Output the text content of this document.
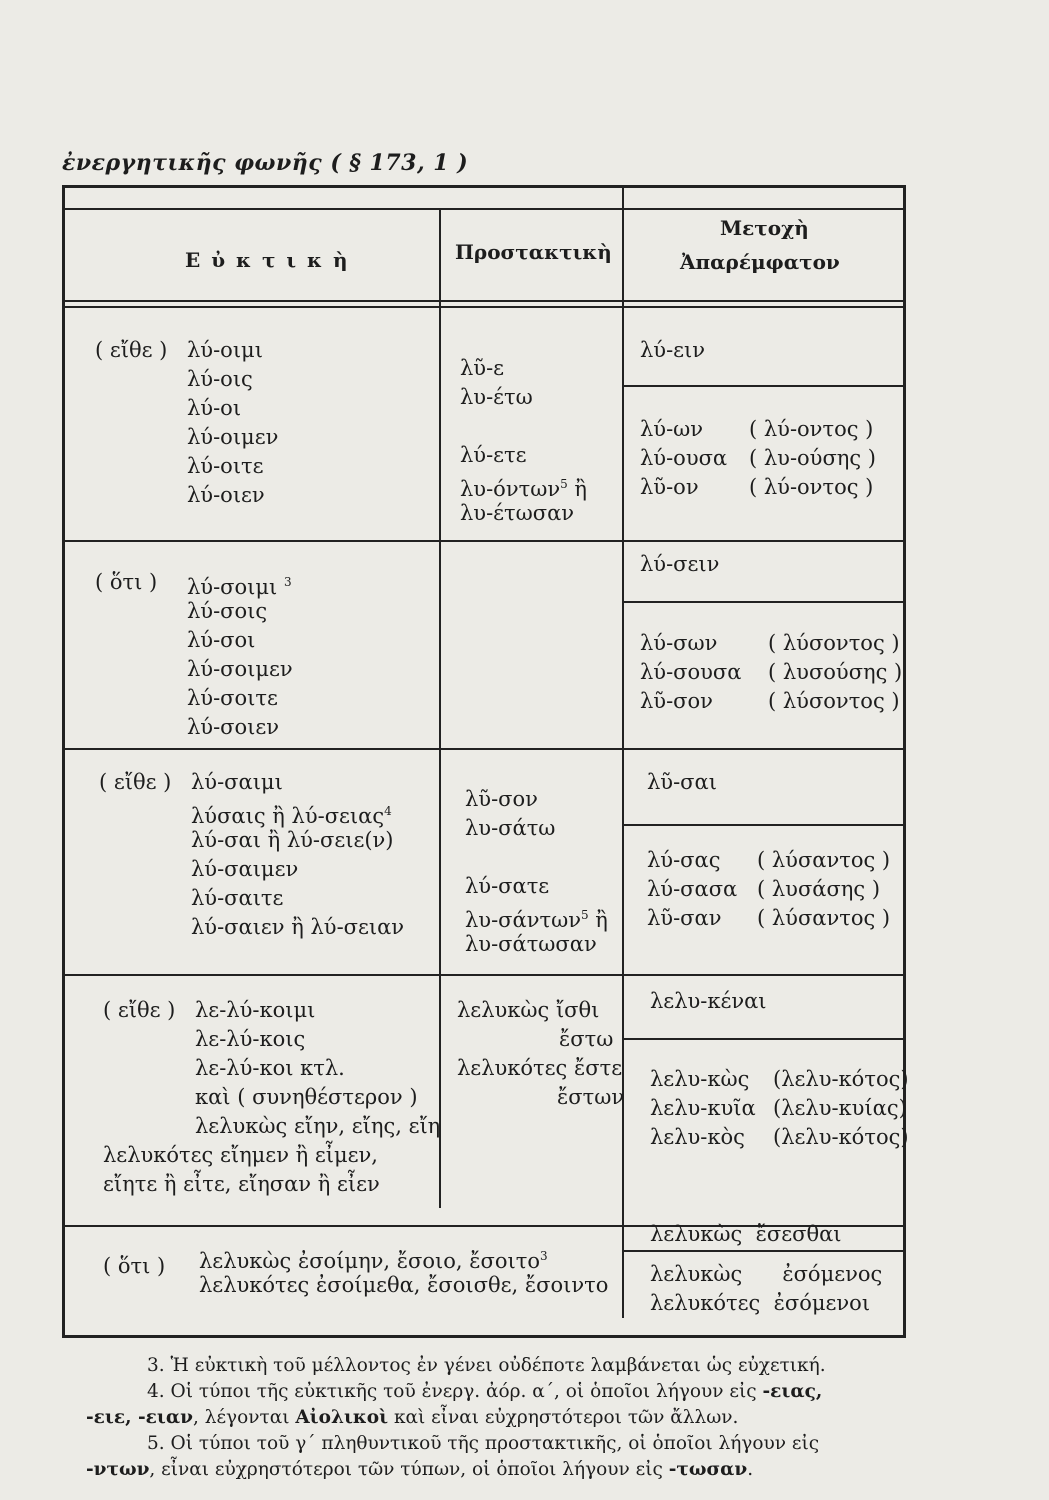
ἐνεργητικῆς φωνῆς ( § 173, 1 )
Ε ὐ κ τ ι κ ὴ	Προστακτικὴ
Μετοχὴ
Ἀπαρέμφατον
( εἴθε ) λύ-οιμι
λύ-οις
λύ-οι
λύ-οιμεν
λύ-οιτε
λύ-οιεν
λῦ-ε
λυ-έτω
λύ-ετε
λυ-όντων$^5$ ἢ
λυ-έτωσαν
λύ-ειν
λύ-ων ( λύ-οντος )
λύ-ουσα ( λυ-ούσης )
λῦ-ον ( λύ-οντος )
( ὅτι ) λύ-σοιμι $^3$
λύ-σοις
λύ-σοι
λύ-σοιμεν
λύ-σοιτε
λύ-σοιεν
λύ-σειν
λύ-σων ( λύσοντος )
λύ-σουσα ( λυσούσης )
λῦ-σον	( λύσοντος )
( εἴθε ) λύ-σαιμι
λύσαις ἢ λύ-σειας$^4$
λύ-σαι ἢ λύ-σειε(ν)
λύ-σαιμεν
λύ-σαιτε
λύ-σαιεν ἢ λύ-σειαν
λῦ-σον
λυ-σάτω
λύ-σατε
λυ-σάντων$^5$ ἢ
λυ-σάτωσαν
λῦ-σαι
λύ-σας ( λύσαντος )
λύ-σασα ( λυσάσης )
λῦ-σαν ( λύσαντος )
( εἴθε ) λε-λύ-κοιμι
λε-λύ-κοις
λε-λύ-κοι κτλ.
καὶ ( συνηθέστερον )
λελυκὼς εἴην, εἴης, εἴη
λελυκότες εἴημεν ἢ εἶμεν,
εἴητε ἢ εἶτε, εἴησαν ἢ εἶεν
λελυκὼς ἴσθι
ἔστω
λελυκότες ἔστε
ἔστων
λελυ-κέναι
λελυ-κὼς (λελυ-κότος)
λελυ-κυῖα (λελυ-κυίας)
λελυ-κὸς (λελυ-κότος)
( ὅτι ) λελυκὼς ἐσοίμην, ἔσοιο, ἔσοιτο$^3$
λελυκότες ἐσοίμεθα, ἔσοισθε, ἔσοιντο
λελυκὼς  ἔσεσθαι
λελυκὼς      ἐσόμενος
λελυκότες  ἐσόμενοι
3. Ἡ εὐκτικὴ τοῦ μέλλοντος ἐν γένει οὐδέποτε λαμβάνεται ὡς εὐχετική.
4. Οἱ τύποι τῆς εὐκτικῆς τοῦ ἐνεργ. ἀόρ. α΄, οἱ ὁποῖοι λήγουν εἰς -ειας,
-ειε, -ειαν, λέγονται Αἰολικοὶ καὶ εἶναι εὐχρηστότεροι τῶν ἄλλων.
5. Οἱ τύποι τοῦ γ΄ πληθυντικοῦ τῆς προστακτικῆς, οἱ ὁποῖοι λήγουν εἰς
-ντων, εἶναι εὐχρηστότεροι τῶν τύπων, οἱ ὁποῖοι λήγουν εἰς -τωσαν.
